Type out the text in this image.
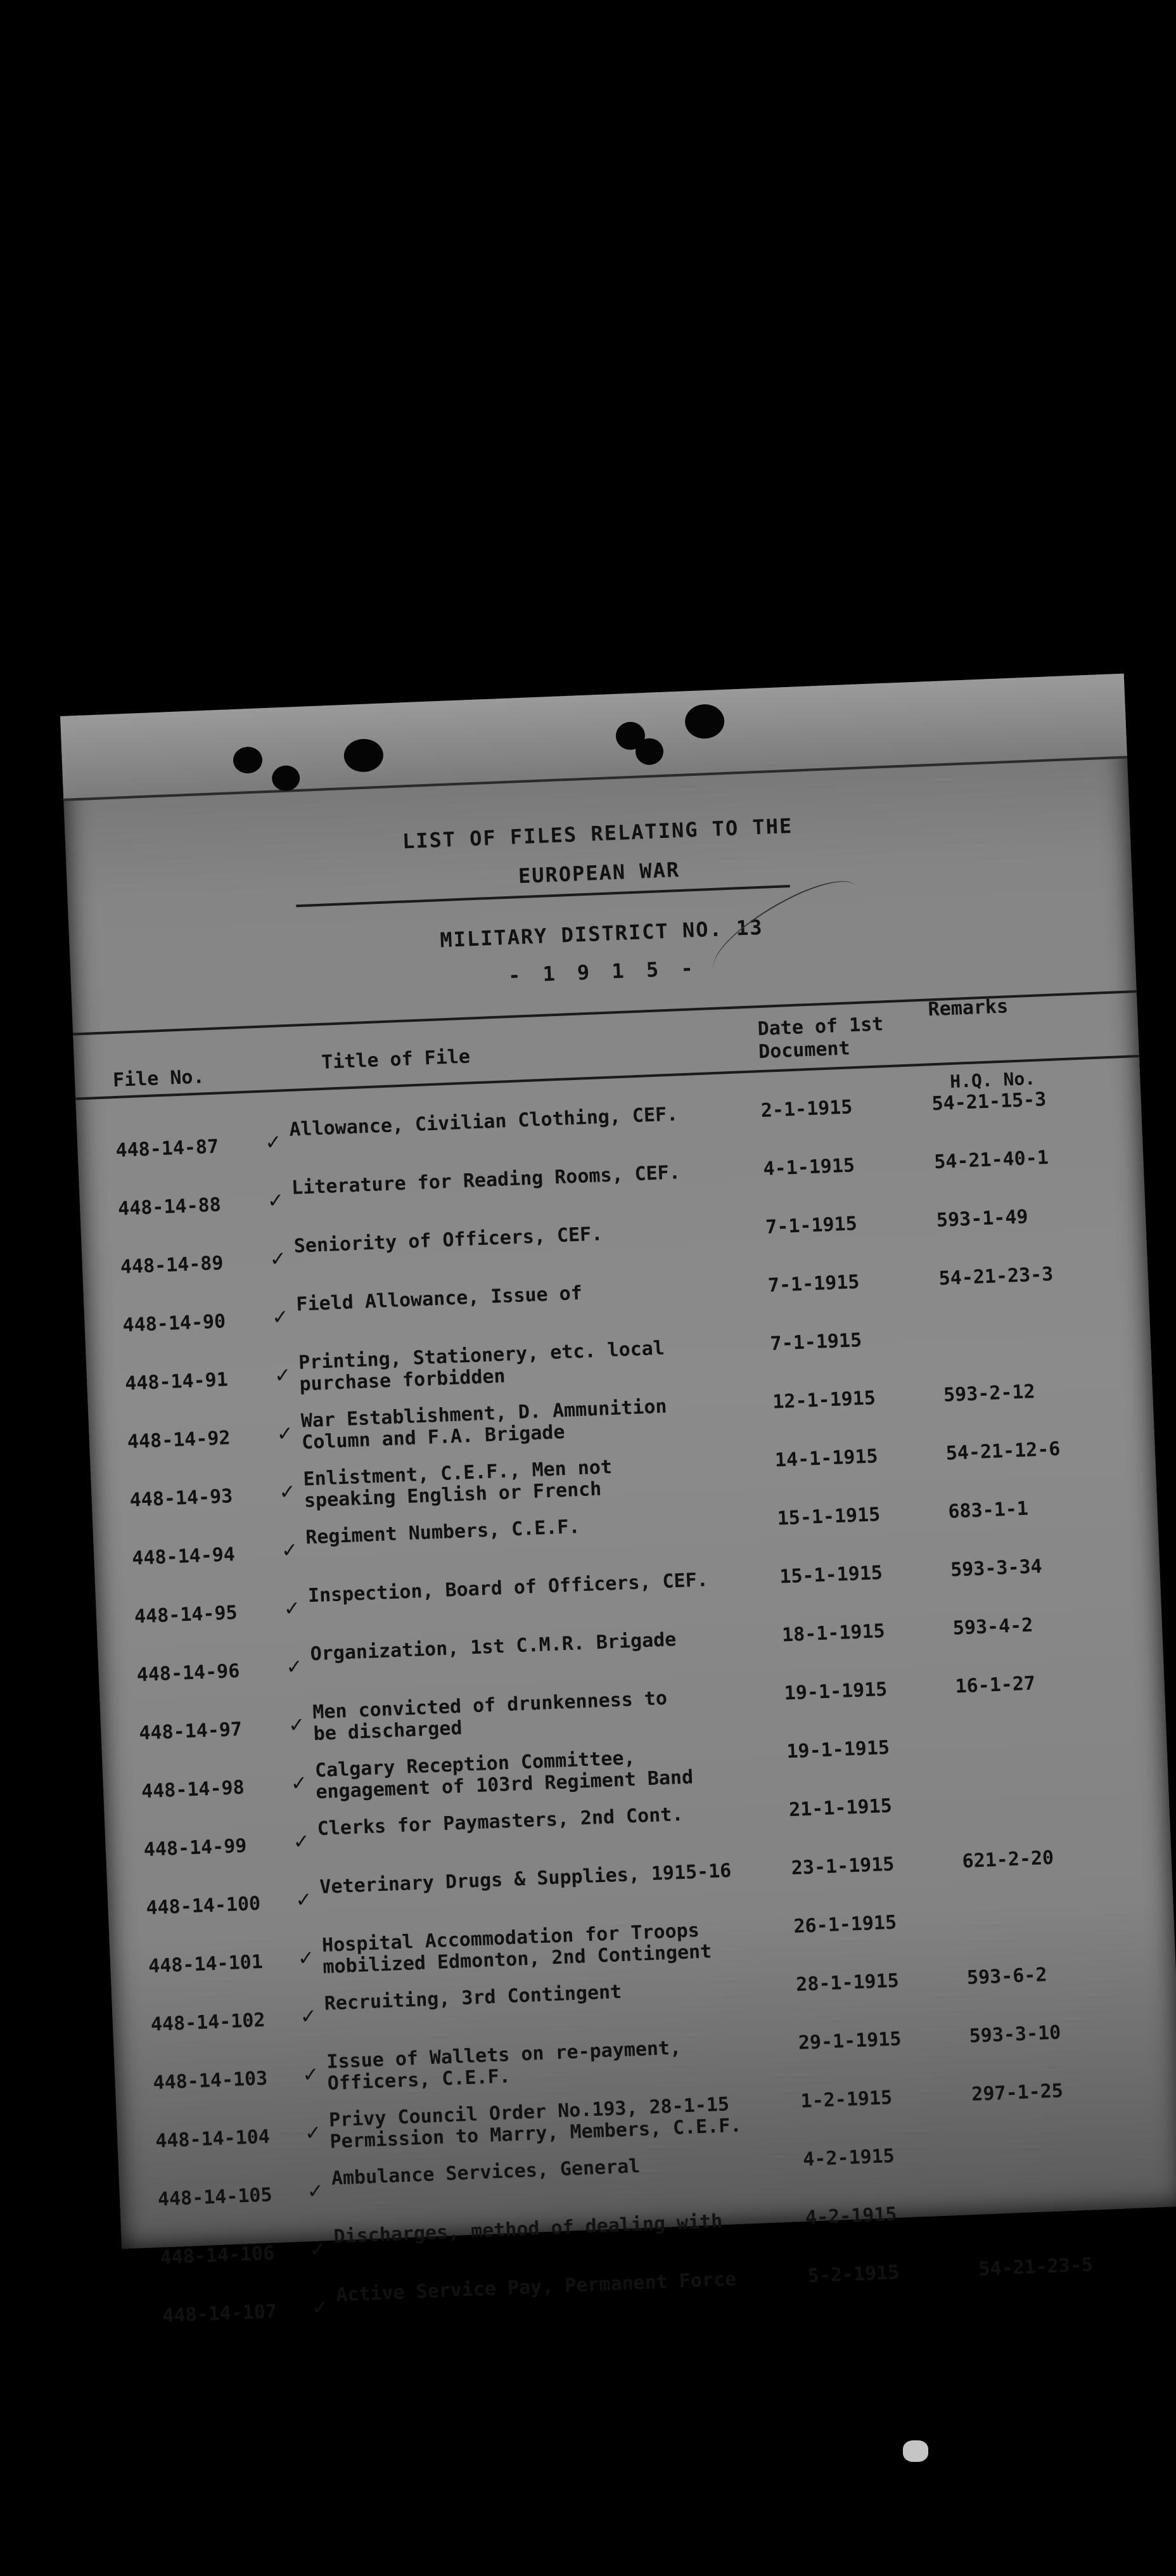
LIST OF FILES RELATING TO THE
EUROPEAN WAR
MILITARY DISTRICT NO. 13
- 1 9 1 5 -
File No.
Title of File
Date of 1st
Document
Remarks
H.Q. No.
448-14-87	✓
Allowance, Civilian Clothing, CEF.	2-1-1915	54-21-15-3
448-14-88	✓
Literature for Reading Rooms, CEF.	4-1-1915	54-21-40-1
448-14-89	✓
Seniority of Officers, CEF.	7-1-1915	593-1-49
448-14-90	✓
Field Allowance, Issue of	7-1-1915	54-21-23-3
448-14-91	✓
Printing, Stationery, etc. local
purchase forbidden
7-1-1915
448-14-92	✓
War Establishment, D. Ammunition
Column and F.A. Brigade
12-1-1915	593-2-12
448-14-93	✓
Enlistment, C.E.F., Men not
speaking English or French
14-1-1915	54-21-12-6
448-14-94	✓
Regiment Numbers, C.E.F.	15-1-1915	683-1-1
448-14-95	✓
Inspection, Board of Officers, CEF.	15-1-1915	593-3-34
448-14-96	✓
Organization, 1st C.M.R. Brigade	18-1-1915	593-4-2
448-14-97	✓
Men convicted of drunkenness to
be discharged
19-1-1915	16-1-27
448-14-98	✓
Calgary Reception Committee,
engagement of 103rd Regiment Band
19-1-1915
448-14-99	✓
Clerks for Paymasters, 2nd Cont.	21-1-1915
448-14-100	✓
Veterinary Drugs & Supplies, 1915-16	23-1-1915	621-2-20
448-14-101	✓
Hospital Accommodation for Troops
mobilized Edmonton, 2nd Contingent
26-1-1915
448-14-102	✓
Recruiting, 3rd Contingent	28-1-1915	593-6-2
448-14-103	✓
Issue of Wallets on re-payment,
Officers, C.E.F.
29-1-1915	593-3-10
448-14-104	✓
Privy Council Order No.193, 28-1-15
Permission to Marry, Members, C.E.F.
1-2-1915	297-1-25
448-14-105	✓
Ambulance Services, General	4-2-1915
448-14-106	✓
Discharges, method of dealing with	4-2-1915
448-14-107	✓
Active Service Pay, Permanent Force	5-2-1915	54-21-23-5
